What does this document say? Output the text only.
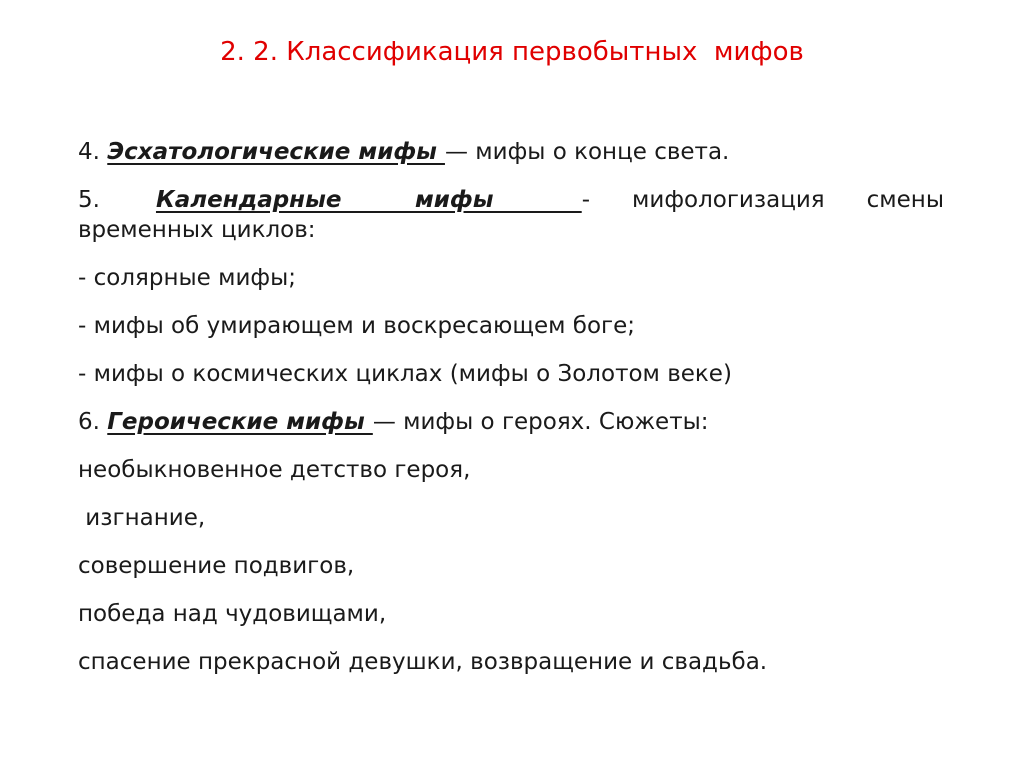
2. 2. Классификация первобытных  мифов
4. Эсхатологические мифы — мифы о конце света.
5. Календарные     мифы      -   мифологизация   смены
временных циклов:
- солярные мифы;
- мифы об умирающем и воскресающем боге;
- мифы о космических циклах (мифы о Золотом веке)
6. Героические мифы — мифы о героях. Сюжеты:
необыкновенное детство героя,
изгнание,
совершение подвигов,
победа над чудовищами,
спасение прекрасной девушки, возвращение и свадьба.
